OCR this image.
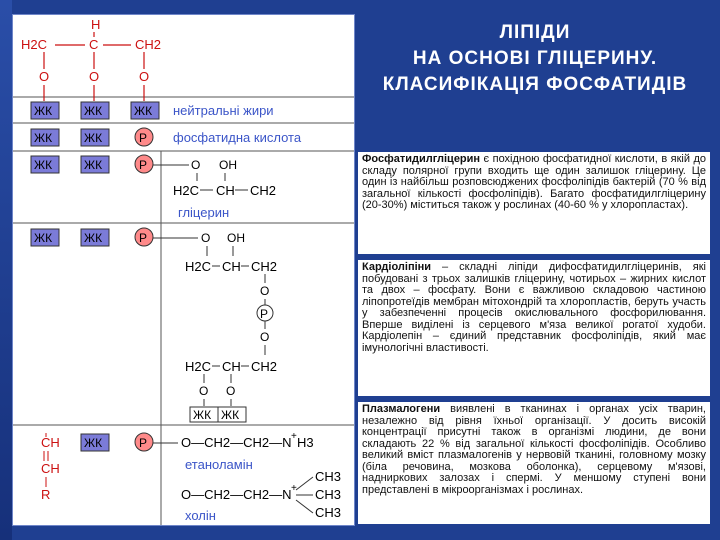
H
H2C	C	CH2
O	O	O
ЖК	ЖК	ЖК нейтральні жири
ЖК	ЖК	P фосфатидна кислота
ЖК	ЖК	P	O OH
H2C CH CH2
гліцерин
ЖК	ЖК	P	O OH
H2C CH CH2
O
P
O
H2C CH CH2
O O
ЖК ЖК
CH
CH
R
ЖК	P	O—CH2—CH2—N + H3
етаноламін
O—CH2—CH2—N +
CH3
CH3
CH3
холін
ЛІПІДИ
НА ОСНОВІ ГЛІЦЕРИНУ.
КЛАСИФІКАЦІЯ ФОСФАТИДІВ
Фосфатидилгліцерин є похідною фосфатидної кислоти, в якій до складу полярної групи входить ще один залишок гліцерину. Це один із найбільш розповсюджених фосфоліпідів бактерій (70 % від загальної кількості фосфоліпідів). Багато фосфатидилгліцерину (20-30%) міститься також у рослинах (40-60 % у хлоропластах).
Кардіоліпіни – складні ліпіди дифосфатидилгліцеринів, які побудовані з трьох залишків гліцерину, чотирьох – жирних кислот та двох – фосфату. Вони є важливою складовою частиною ліпопротеїдів мембран мітохондрій та хлоропластів, беруть участь у забезпеченні процесів окислювального фосфорилювання. Вперше виділені із серцевого м'яза великої рогатої худоби. Кардіолепін – єдиний представник фосфоліпідів, який має імунологічні властивості.
Плазмалогени виявлені в тканинах і органах усіх тварин, незалежно від рівня їхньої організації. У досить високій концентрації присутні також в організмі людини, де вони складають 22 % від загальної кількості фосфоліпідів. Особливо великий вміст плазмалогенів у нервовій тканині, головному мозку (біла речовина, мозкова оболонка), серцевому м'язові, надниркових залозах і спермі. У меншому ступені вони представлені в мікроорганізмах і рослинах.
